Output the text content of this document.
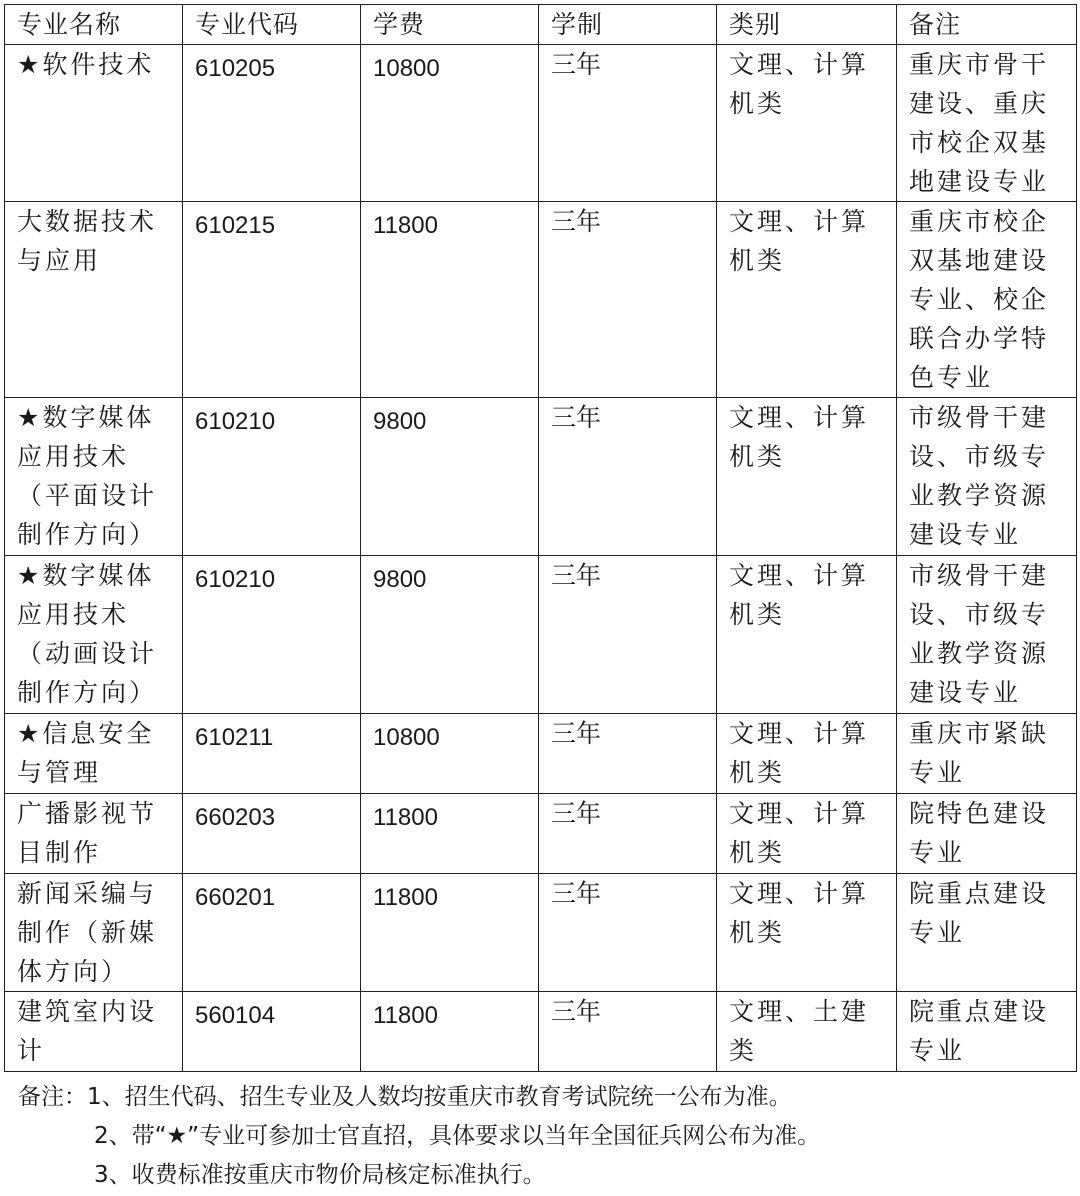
专业名称	专业代码	学费	学制	类别	备注
★软件技术	610205	10800	三年	文理、计算机类	重庆市骨干建设、重庆市校企双基地建设专业
大数据技术与应用	610215	11800	三年	文理、计算机类	重庆市校企双基地建设专业、校企联合办学特色专业
★数字媒体应用技术（平面设计制作方向）	610210	9800	三年	文理、计算机类	市级骨干建设、市级专业教学资源建设专业
★数字媒体应用技术（动画设计制作方向）	610210	9800	三年	文理、计算机类	市级骨干建设、市级专业教学资源建设专业
★信息安全与管理	610211	10800	三年	文理、计算机类	重庆市紧缺专业
广播影视节目制作	660203	11800	三年	文理、计算机类	院特色建设专业
新闻采编与制作（新媒体方向）	660201	11800	三年	文理、计算机类	院重点建设专业
建筑室内设计	560104	11800	三年	文理、土建类	院重点建设专业
备注：1、招生代码、招生专业及人数均按重庆市教育考试院统一公布为准。
2、带“★”专业可参加士官直招，具体要求以当年全国征兵网公布为准。
3、收费标准按重庆市物价局核定标准执行。
